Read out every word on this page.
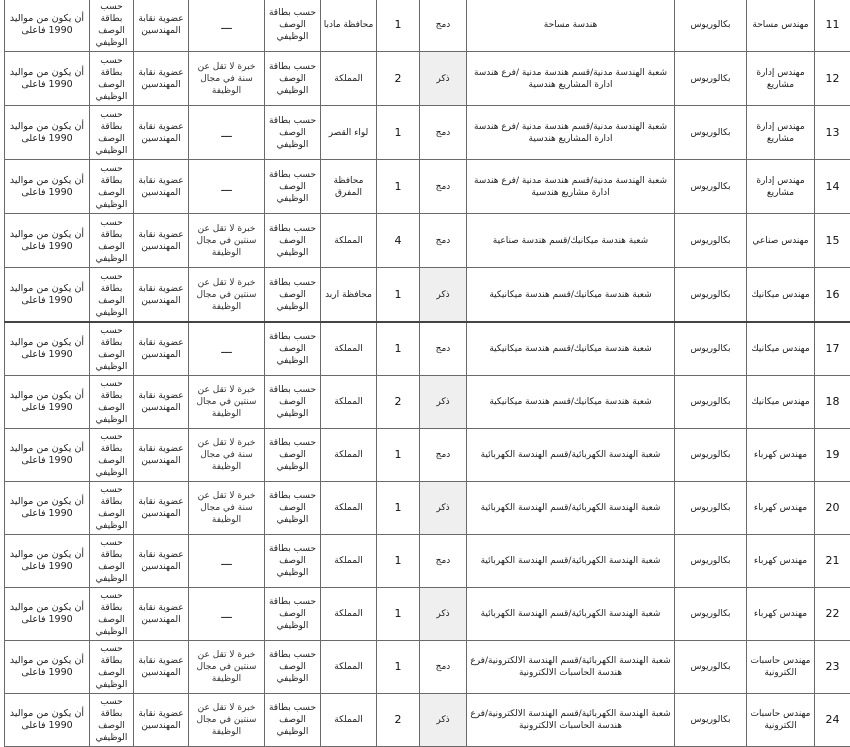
11	مهندس مساحة	بكالوريوس	هندسة مساحة	دمج	1	محافظة مادبا	حسب بطاقة الوصف الوظيفي	ـــ	عضوية نقابة المهندسين	حسب بطاقة الوصف الوظيفي	أن يكون من مواليد 1990 فاعلى
12	مهندس إدارة مشاريع	بكالوريوس	شعبة الهندسة مدنية/قسم هندسة مدنية /فرع هندسة ادارة المشاريع هندسية	ذكر	2	المملكة	حسب بطاقة الوصف الوظيفي	خبرة لا تقل عن سنة في مجال الوظيفة	عضوية نقابة المهندسين	حسب بطاقة الوصف الوظيفي	أن يكون من مواليد 1990 فاعلى
13	مهندس إدارة مشاريع	بكالوريوس	شعبة الهندسة مدنية/قسم هندسة مدنية /فرع هندسة ادارة المشاريع هندسية	دمج	1	لواء القصر	حسب بطاقة الوصف الوظيفي	ـــ	عضوية نقابة المهندسين	حسب بطاقة الوصف الوظيفي	أن يكون من مواليد 1990 فاعلى
14	مهندس إدارة مشاريع	بكالوريوس	شعبة الهندسة مدنية/قسم هندسة مدنية /فرع هندسة ادارة مشاريع هندسية	دمج	1	محافظة المفرق	حسب بطاقة الوصف الوظيفي	ـــ	عضوية نقابة المهندسين	حسب بطاقة الوصف الوظيفي	أن يكون من مواليد 1990 فاعلى
15	مهندس صناعي	بكالوريوس	شعبة هندسة ميكانيك/قسم هندسة صناعية	دمج	4	المملكة	حسب بطاقة الوصف الوظيفي	خبرة لا تقل عن سنتين في مجال الوظيفة	عضوية نقابة المهندسين	حسب بطاقة الوصف الوظيفي	أن يكون من مواليد 1990 فاعلى
16	مهندس ميكانيك	بكالوريوس	شعبة هندسة ميكانيك/قسم هندسة ميكانيكية	ذكر	1	محافظة اربد	حسب بطاقة الوصف الوظيفي	خبرة لا تقل عن سنتين في مجال الوظيفة	عضوية نقابة المهندسين	حسب بطاقة الوصف الوظيفي	أن يكون من مواليد 1990 فاعلى
17	مهندس ميكانيك	بكالوريوس	شعبة هندسة ميكانيك/قسم هندسة ميكانيكية	دمج	1	المملكة	حسب بطاقة الوصف الوظيفي	ـــ	عضوية نقابة المهندسين	حسب بطاقة الوصف الوظيفي	أن يكون من مواليد 1990 فاعلى
18	مهندس ميكانيك	بكالوريوس	شعبة هندسة ميكانيك/قسم هندسة ميكانيكية	ذكر	2	المملكة	حسب بطاقة الوصف الوظيفي	خبرة لا تقل عن سنتين في مجال الوظيفة	عضوية نقابة المهندسين	حسب بطاقة الوصف الوظيفي	أن يكون من مواليد 1990 فاعلى
19	مهندس كهرباء	بكالوريوس	شعبة الهندسة الكهربائية/قسم الهندسة الكهربائية	دمج	1	المملكة	حسب بطاقة الوصف الوظيفي	خبرة لا تقل عن سنة في مجال الوظيفة	عضوية نقابة المهندسين	حسب بطاقة الوصف الوظيفي	أن يكون من مواليد 1990 فاعلى
20	مهندس كهرباء	بكالوريوس	شعبة الهندسة الكهربائية/قسم الهندسة الكهربائية	ذكر	1	المملكة	حسب بطاقة الوصف الوظيفي	خبرة لا تقل عن سنة في مجال الوظيفة	عضوية نقابة المهندسين	حسب بطاقة الوصف الوظيفي	أن يكون من مواليد 1990 فاعلى
21	مهندس كهرباء	بكالوريوس	شعبة الهندسة الكهربائية/قسم الهندسة الكهربائية	دمج	1	المملكة	حسب بطاقة الوصف الوظيفي	ـــ	عضوية نقابة المهندسين	حسب بطاقة الوصف الوظيفي	أن يكون من مواليد 1990 فاعلى
22	مهندس كهرباء	بكالوريوس	شعبة الهندسة الكهربائية/قسم الهندسة الكهربائية	ذكر	1	المملكة	حسب بطاقة الوصف الوظيفي	ـــ	عضوية نقابة المهندسين	حسب بطاقة الوصف الوظيفي	أن يكون من مواليد 1990 فاعلى
23	مهندس حاسبات الكترونية	بكالوريوس	شعبة الهندسة الكهربائية/قسم الهندسة الالكترونية/فرع هندسة الحاسبات الالكترونية	دمج	1	المملكة	حسب بطاقة الوصف الوظيفي	خبرة لا تقل عن سنتين في مجال الوظيفة	عضوية نقابة المهندسين	حسب بطاقة الوصف الوظيفي	أن يكون من مواليد 1990 فاعلى
24	مهندس حاسبات الكترونية	بكالوريوس	شعبة الهندسة الكهربائية/قسم الهندسة الالكترونية/فرع هندسة الحاسبات الالكترونية	ذكر	2	المملكة	حسب بطاقة الوصف الوظيفي	خبرة لا تقل عن سنتين في مجال الوظيفة	عضوية نقابة المهندسين	حسب بطاقة الوصف الوظيفي	أن يكون من مواليد 1990 فاعلى
